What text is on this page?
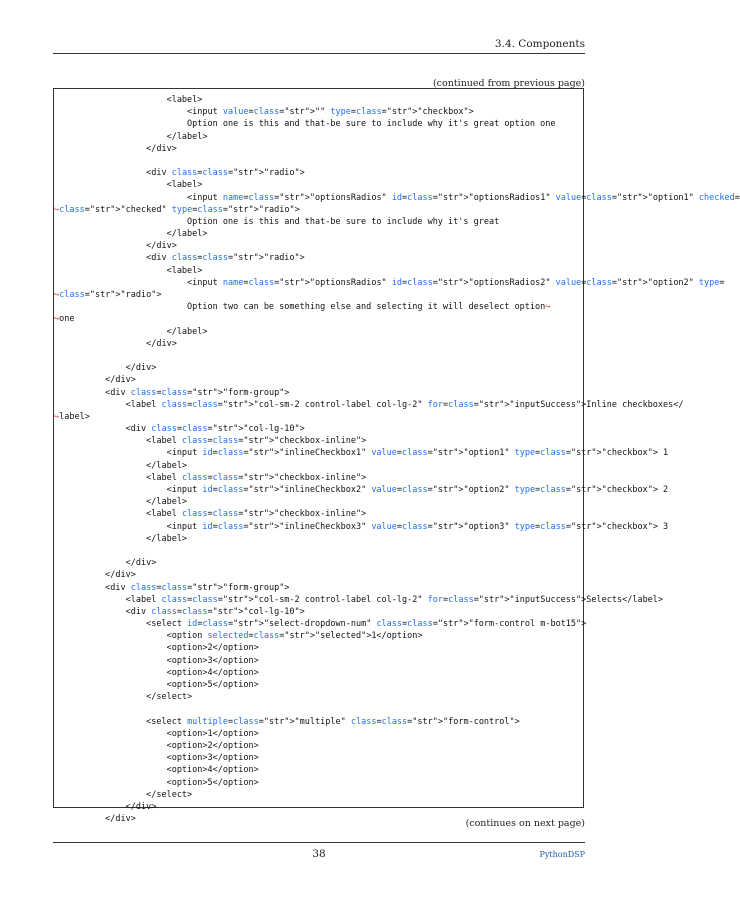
3.4. Components
(continued from previous page)
<label>
<input value=class="str">"" type=class="str">"checkbox">
Option one is this and that-be sure to include why it's great option one
</label>
</div>
<div class=class="str">"radio">
<label>
<input name=class="str">"optionsRadios" id=class="str">"optionsRadios1" value=class="str">"option1" checked=
↪class="str">"checked" type=class="str">"radio">
Option one is this and that-be sure to include why it's great
</label>
</div>
<div class=class="str">"radio">
<label>
<input name=class="str">"optionsRadios" id=class="str">"optionsRadios2" value=class="str">"option2" type=
↪class="str">"radio">
Option two can be something else and selecting it will deselect option↪
↪one
</label>
</div>
</div>
</div>
<div class=class="str">"form-group">
<label class=class="str">"col-sm-2 control-label col-lg-2" for=class="str">"inputSuccess">Inline checkboxes</
↪label>
<div class=class="str">"col-lg-10">
<label class=class="str">"checkbox-inline">
<input id=class="str">"inlineCheckbox1" value=class="str">"option1" type=class="str">"checkbox"> 1
</label>
<label class=class="str">"checkbox-inline">
<input id=class="str">"inlineCheckbox2" value=class="str">"option2" type=class="str">"checkbox"> 2
</label>
<label class=class="str">"checkbox-inline">
<input id=class="str">"inlineCheckbox3" value=class="str">"option3" type=class="str">"checkbox"> 3
</label>
</div>
</div>
<div class=class="str">"form-group">
<label class=class="str">"col-sm-2 control-label col-lg-2" for=class="str">"inputSuccess">Selects</label>
<div class=class="str">"col-lg-10">
<select id=class="str">"select-dropdown-num" class=class="str">"form-control m-bot15">
<option selected=class="str">"selected">1</option>
<option>2</option>
<option>3</option>
<option>4</option>
<option>5</option>
</select>
<select multiple=class="str">"multiple" class=class="str">"form-control">
<option>1</option>
<option>2</option>
<option>3</option>
<option>4</option>
<option>5</option>
</select>
</div>
</div>	(continues on next page)
38	PythonDSP
